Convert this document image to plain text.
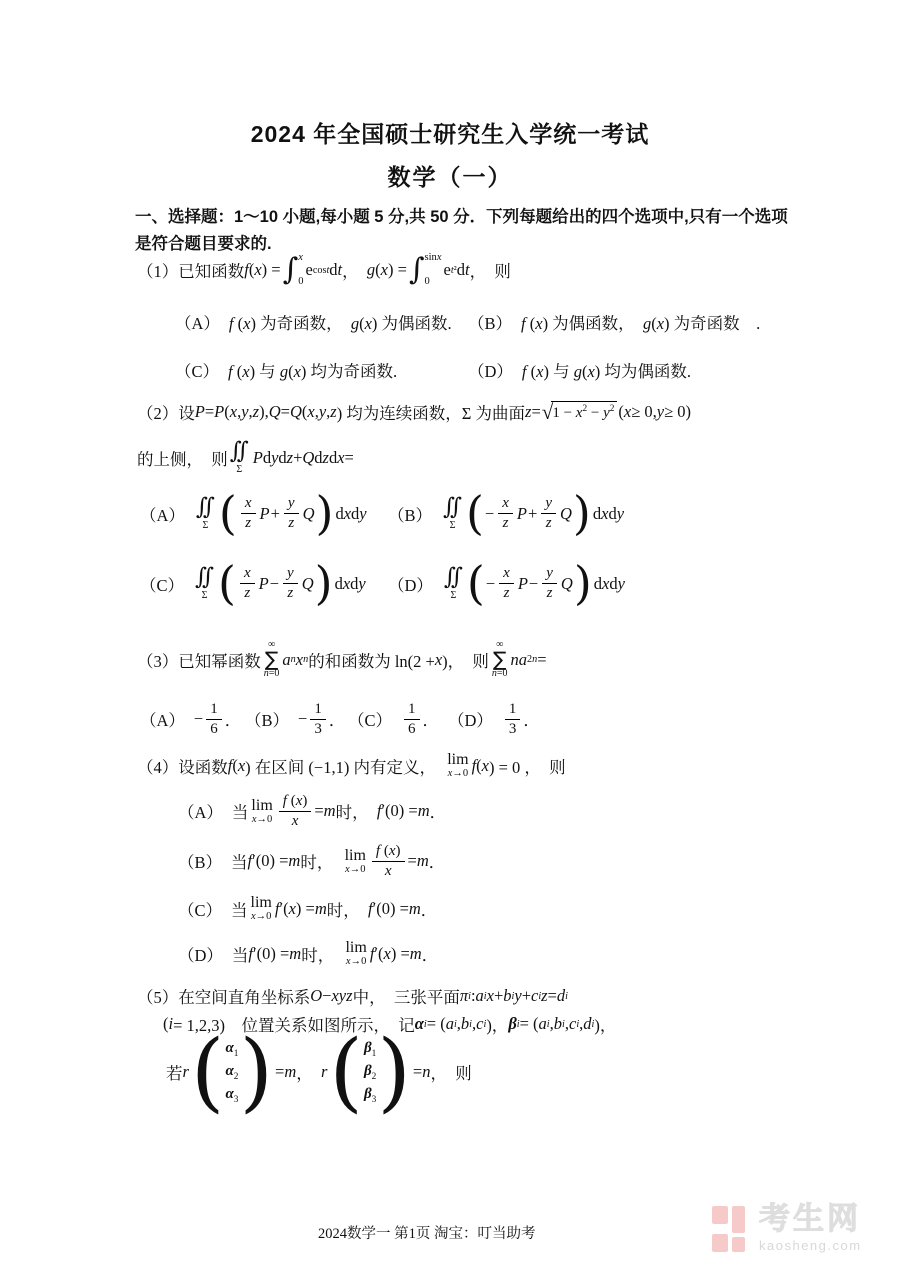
2024 年全国硕士研究生入学统一考试
数学（一）
一、选择题：1～10 小题,每小题 5 分,共 50 分．下列每题给出的四个选项中,只有一个选项
是符合题目要求的.
（1）已知函数 f ( x ) = ∫ x
0
e cost d t ，　 g ( x ) = ∫ sinx
0
e t² d t ，　则
（A） f (x) 为奇函数，　g(x) 为偶函数. （B） f (x) 为偶函数，　g(x) 为奇函数　.
（C） f (x) 与 g(x) 均为奇函数.	（D） f (x) 与 g(x) 均为偶函数.
（2）设 P = P ( x , y , z ), Q = Q ( x , y , z ) 均为连续函数，Σ 为曲面 z = √ $1 - x^2 - y^2$ ( x ≥ 0, y ≥ 0)
的上侧，　则 ∫∫
Σ
P d y d z + Q d z d x =
（A） ∫∫
Σ ( $\frac{x}{z}$ $P + \frac{y}{z}$ Q ) dxdy （B） ∫∫
Σ ( − $\frac{x}{z}$ $P + \frac{y}{z}$ Q ) dxdy
（C） ∫∫
Σ ( $\frac{x}{z}$ $P - \frac{y}{z}$ Q ) dxdy （D） ∫∫
Σ ( − $\frac{x}{z}$ $P - \frac{y}{z}$ Q ) dxdy
（3）已知幂函数
∞
∑
n=0
a n x n 的和函数为 ln(2 + x )，　则
∞
∑
n=0
na 2n =
$(A) - \frac{1}{6}$ ． $(B) - \frac{1}{3}$ ． $(C) \frac{1}{6}$ ． $(D) \frac{1}{3}$ ．
（4）设函数 f ( x ) 在区间 (−1,1) 内有定义，　 lim
x→0 f ( x ) = 0 ，　则
（A） 当 lim
$x\to 0 \frac{f (x)}{x} = m$ 时，　 f ′(0) = m ．
（B） 当 f ′(0) = m 时，　 lim
$x\to 0 \frac{f (x)}{x} = m$ ．
（C） 当 lim
x→0 f ′( x ) = m 时，　 f ′(0) = m ．
（D） 当 f ′(0) = m 时，　 lim
x→0 f ′( x ) = m ．
（5）在空间直角坐标系 O − xyz 中，　三张平面 π i : a i x + b i y + c i z = d i
( i = 1,2,3)　位置关系如图所示，　记 α i = ( a i , b i , c i )， β i = ( a i , b i , c i , d i )，
若 r ( $\alpha_1$
$\alpha_2$
$\alpha_3$ ) = m ，　 r ( $\beta_1$
$\beta_2$
$\beta_3$ ) = n ，　则
2024数学一 第1页 淘宝：叮当助考	考生网
kaosheng.com
